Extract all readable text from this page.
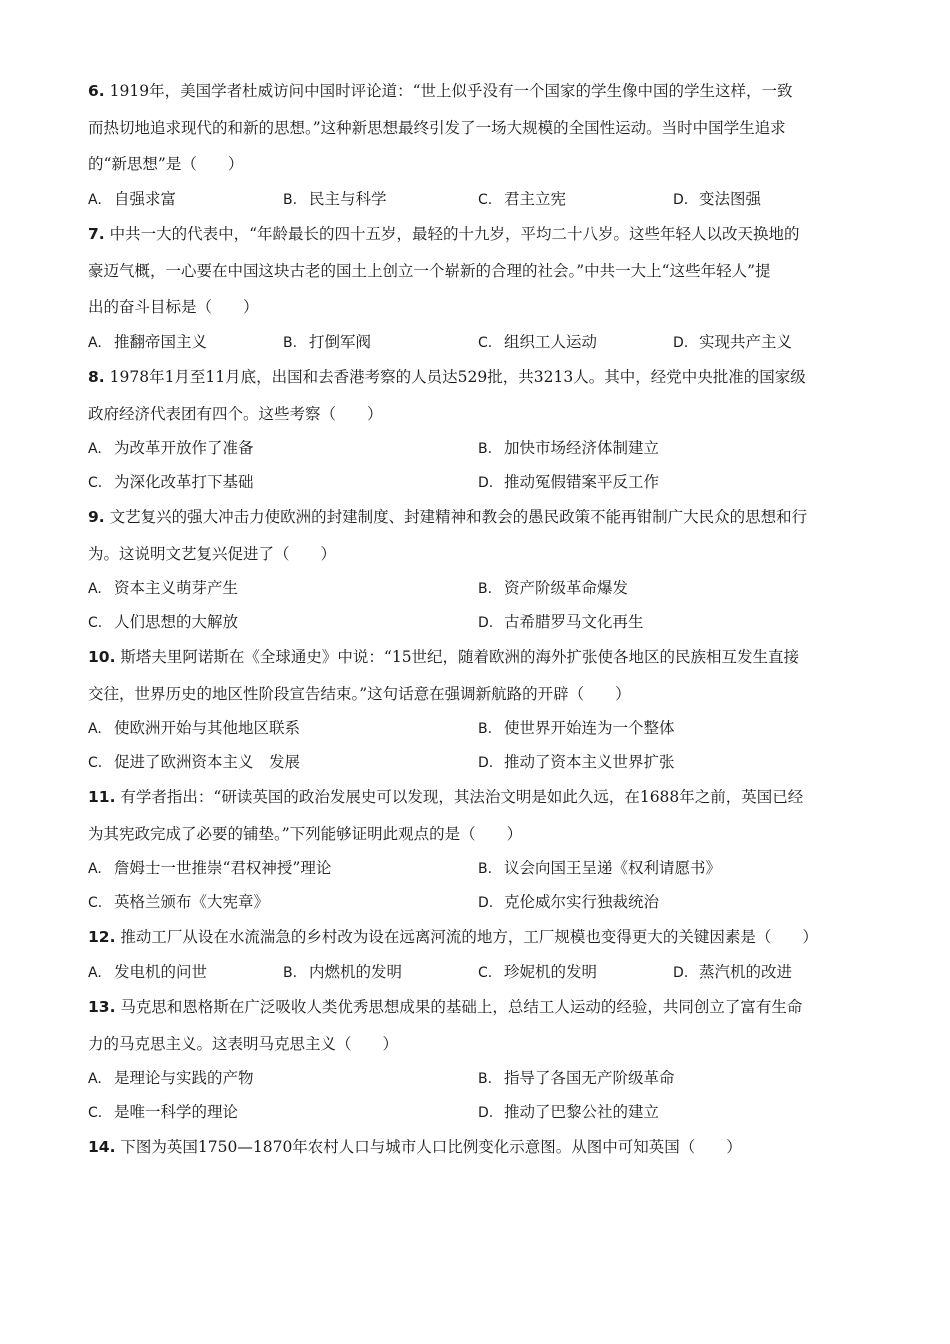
6. 1919年，美国学者杜威访问中国时评论道：“世上似乎没有一个国家的学生像中国的学生这样，一致
而热切地追求现代的和新的思想。”这种新思想最终引发了一场大规模的全国性运动。当时中国学生追求
的“新思想”是（　　）
A. 自强求富	B. 民主与科学	C. 君主立宪	D. 变法图强
7. 中共一大的代表中，“年龄最长的四十五岁，最轻的十九岁，平均二十八岁。这些年轻人以改天换地的
豪迈气概，一心要在中国这块古老的国土上创立一个崭新的合理的社会。”中共一大上“这些年轻人”提
出的奋斗目标是（　　）
A. 推翻帝国主义	B. 打倒军阀	C. 组织工人运动	D. 实现共产主义
8. 1978年1月至11月底，出国和去香港考察的人员达529批，共3213人。其中，经党中央批准的国家级
政府经济代表团有四个。这些考察（　　）
A. 为改革开放作了准备	B. 加快市场经济体制建立
C. 为深化改革打下基础	D. 推动冤假错案平反工作
9. 文艺复兴的强大冲击力使欧洲的封建制度、封建精神和教会的愚民政策不能再钳制广大民众的思想和行
为。这说明文艺复兴促进了（　　）
A. 资本主义萌芽产生	B. 资产阶级革命爆发
C. 人们思想的大解放	D. 古希腊罗马文化再生
10. 斯塔夫里阿诺斯在《全球通史》中说：“15世纪，随着欧洲的海外扩张使各地区的民族相互发生直接
交往，世界历史的地区性阶段宣告结束。”这句话意在强调新航路的开辟（　　）
A. 使欧洲开始与其他地区联系	B. 使世界开始连为一个整体
C. 促进了欧洲资本主义　发展	D. 推动了资本主义世界扩张
11. 有学者指出：“研读英国的政治发展史可以发现，其法治文明是如此久远，在1688年之前，英国已经
为其宪政完成了必要的铺垫。”下列能够证明此观点的是（　　）
A. 詹姆士一世推崇“君权神授”理论	B. 议会向国王呈递《权利请愿书》
C. 英格兰颁布《大宪章》	D. 克伦威尔实行独裁统治
12. 推动工厂从设在水流湍急的乡村改为设在远离河流的地方，工厂规模也变得更大的关键因素是（　　）
A. 发电机的问世	B. 内燃机的发明	C. 珍妮机的发明	D. 蒸汽机的改进
13. 马克思和恩格斯在广泛吸收人类优秀思想成果的基础上，总结工人运动的经验，共同创立了富有生命
力的马克思主义。这表明马克思主义（　　）
A. 是理论与实践的产物	B. 指导了各国无产阶级革命
C. 是唯一科学的理论	D. 推动了巴黎公社的建立
14. 下图为英国1750—1870年农村人口与城市人口比例变化示意图。从图中可知英国（　　）
